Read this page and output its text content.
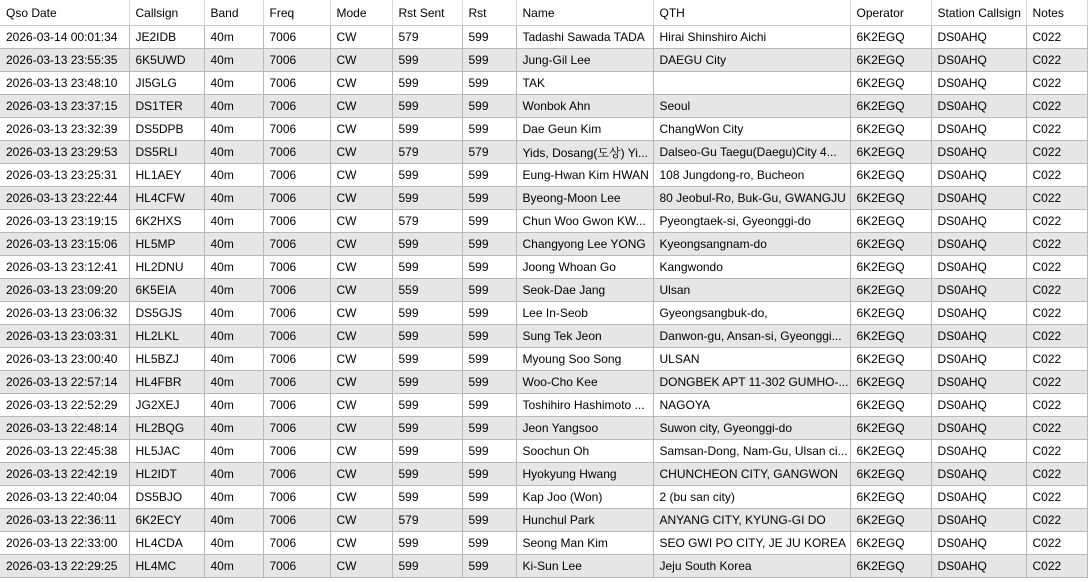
Qso Date	Callsign	Band	Freq	Mode	Rst Sent	Rst	Name	QTH	Operator	Station Callsign	Notes
2026-03-14 00:01:34	JE2IDB	40m	7006	CW	579	599	Tadashi Sawada TADA	Hirai Shinshiro Aichi	6K2EGQ	DS0AHQ	C022
2026-03-13 23:55:35	6K5UWD	40m	7006	CW	599	599	Jung-Gil Lee	DAEGU City	6K2EGQ	DS0AHQ	C022
2026-03-13 23:48:10	JI5GLG	40m	7006	CW	599	599	TAK		6K2EGQ	DS0AHQ	C022
2026-03-13 23:37:15	DS1TER	40m	7006	CW	599	599	Wonbok Ahn	Seoul	6K2EGQ	DS0AHQ	C022
2026-03-13 23:32:39	DS5DPB	40m	7006	CW	599	599	Dae Geun Kim	ChangWon City	6K2EGQ	DS0AHQ	C022
2026-03-13 23:29:53	DS5RLI	40m	7006	CW	579	579	Yids, Dosang(도상) Yi...	Dalseo-Gu Taegu(Daegu)City 4...	6K2EGQ	DS0AHQ	C022
2026-03-13 23:25:31	HL1AEY	40m	7006	CW	599	599	Eung-Hwan Kim HWAN	108 Jungdong-ro, Bucheon	6K2EGQ	DS0AHQ	C022
2026-03-13 23:22:44	HL4CFW	40m	7006	CW	599	599	Byeong-Moon Lee	80 Jeobul-Ro, Buk-Gu, GWANGJU	6K2EGQ	DS0AHQ	C022
2026-03-13 23:19:15	6K2HXS	40m	7006	CW	579	599	Chun Woo Gwon KW...	Pyeongtaek-si, Gyeonggi-do	6K2EGQ	DS0AHQ	C022
2026-03-13 23:15:06	HL5MP	40m	7006	CW	599	599	Changyong Lee YONG	Kyeongsangnam-do	6K2EGQ	DS0AHQ	C022
2026-03-13 23:12:41	HL2DNU	40m	7006	CW	599	599	Joong Whoan Go	Kangwondo	6K2EGQ	DS0AHQ	C022
2026-03-13 23:09:20	6K5EIA	40m	7006	CW	559	599	Seok-Dae Jang	Ulsan	6K2EGQ	DS0AHQ	C022
2026-03-13 23:06:32	DS5GJS	40m	7006	CW	599	599	Lee In-Seob	Gyeongsangbuk-do,	6K2EGQ	DS0AHQ	C022
2026-03-13 23:03:31	HL2LKL	40m	7006	CW	599	599	Sung Tek Jeon	Danwon-gu, Ansan-si, Gyeonggi...	6K2EGQ	DS0AHQ	C022
2026-03-13 23:00:40	HL5BZJ	40m	7006	CW	599	599	Myoung Soo Song	ULSAN	6K2EGQ	DS0AHQ	C022
2026-03-13 22:57:14	HL4FBR	40m	7006	CW	599	599	Woo-Cho Kee	DONGBEK APT 11-302 GUMHO-...	6K2EGQ	DS0AHQ	C022
2026-03-13 22:52:29	JG2XEJ	40m	7006	CW	599	599	Toshihiro Hashimoto ...	NAGOYA	6K2EGQ	DS0AHQ	C022
2026-03-13 22:48:14	HL2BQG	40m	7006	CW	599	599	Jeon Yangsoo	Suwon city, Gyeonggi-do	6K2EGQ	DS0AHQ	C022
2026-03-13 22:45:38	HL5JAC	40m	7006	CW	599	599	Soochun Oh	Samsan-Dong, Nam-Gu, Ulsan ci...	6K2EGQ	DS0AHQ	C022
2026-03-13 22:42:19	HL2IDT	40m	7006	CW	599	599	Hyokyung Hwang	CHUNCHEON CITY, GANGWON	6K2EGQ	DS0AHQ	C022
2026-03-13 22:40:04	DS5BJO	40m	7006	CW	599	599	Kap Joo (Won)	2 (bu san city)	6K2EGQ	DS0AHQ	C022
2026-03-13 22:36:11	6K2ECY	40m	7006	CW	579	599	Hunchul Park	ANYANG CITY, KYUNG-GI DO	6K2EGQ	DS0AHQ	C022
2026-03-13 22:33:00	HL4CDA	40m	7006	CW	599	599	Seong Man Kim	SEO GWI PO CITY, JE JU KOREA	6K2EGQ	DS0AHQ	C022
2026-03-13 22:29:25	HL4MC	40m	7006	CW	599	599	Ki-Sun Lee	Jeju South Korea	6K2EGQ	DS0AHQ	C022
